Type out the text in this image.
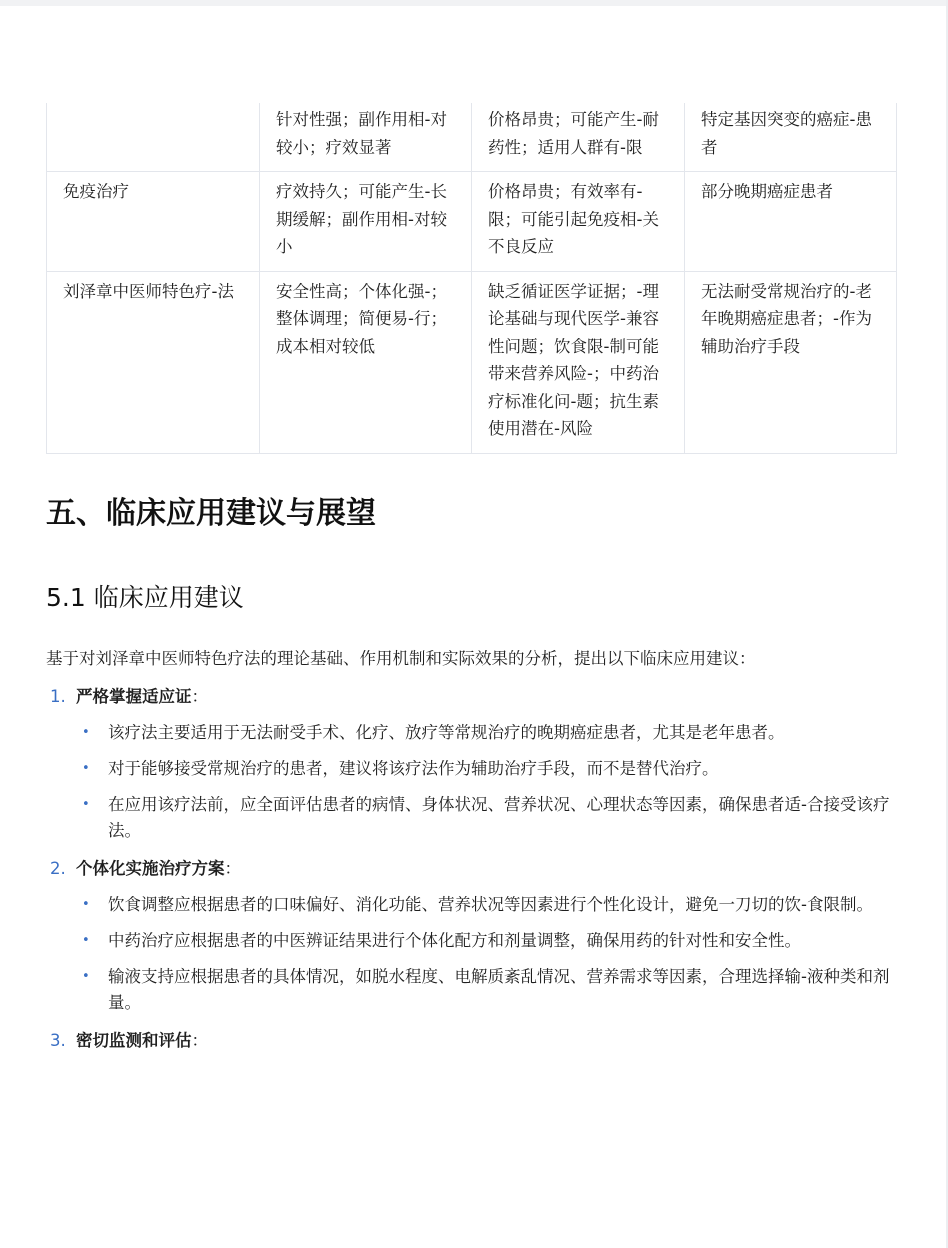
	针对性强；副作用相-对较小；疗效显著	价格昂贵；可能产生-耐药性；适用人群有-限	特定基因突变的癌症-患者
免疫治疗	疗效持久；可能产生-长期缓解；副作用相-对较小	价格昂贵；有效率有-限；可能引起免疫相-关不良反应	部分晚期癌症患者
刘泽章中医师特色疗-法	安全性高；个体化强-；整体调理；简便易-行；成本相对较低	缺乏循证医学证据；-理论基础与现代医学-兼容性问题；饮食限-制可能带来营养风险-；中药治疗标准化问-题；抗生素使用潜在-风险	无法耐受常规治疗的-老年晚期癌症患者；-作为辅助治疗手段
五、临床应用建议与展望
5.1 临床应用建议

基于对刘泽章中医师特色疗法的理论基础、作用机制和实际效果的分析，提出以下临床应用建议：

1. 严格掌握适应证：
•	该疗法主要适用于无法耐受手术、化疗、放疗等常规治疗的晚期癌症患者，尤其是老年患者。
•	对于能够接受常规治疗的患者，建议将该疗法作为辅助治疗手段，而不是替代治疗。
•	在应用该疗法前，应全面评估患者的病情、身体状况、营养状况、心理状态等因素，确保患者适-合接受该疗法。
2. 个体化实施治疗方案：
•	饮食调整应根据患者的口味偏好、消化功能、营养状况等因素进行个性化设计，避免一刀切的饮-食限制。
•	中药治疗应根据患者的中医辨证结果进行个体化配方和剂量调整，确保用药的针对性和安全性。
•	输液支持应根据患者的具体情况，如脱水程度、电解质紊乱情况、营养需求等因素，合理选择输-液种类和剂量。
3. 密切监测和评估：
